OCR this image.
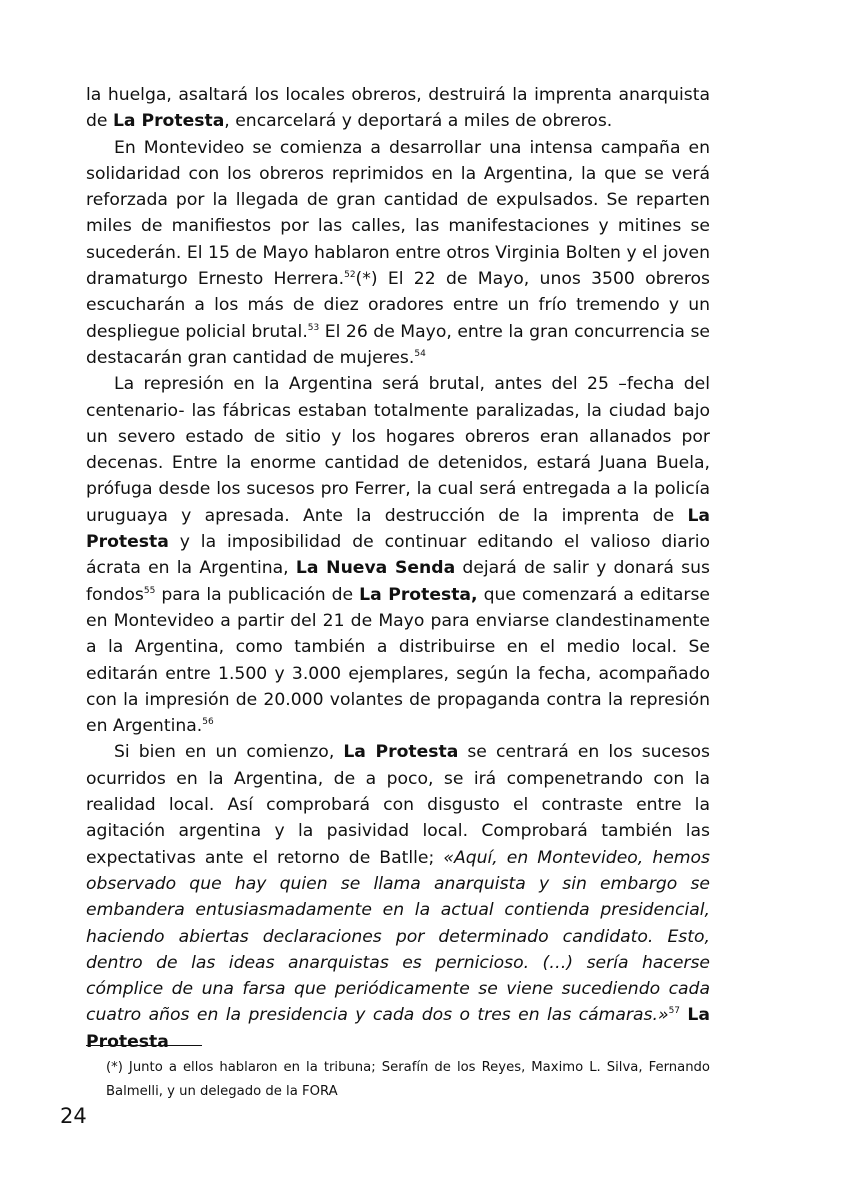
la huelga, asaltará los locales obreros, destruirá la imprenta anarquista de La Protesta, encarcelará y deportará a miles de obreros.

En Montevideo se comienza a desarrollar una intensa campaña en solidaridad con los obreros reprimidos en la Argentina, la que se verá reforzada por la llegada de gran cantidad de expulsados. Se reparten miles de manifiestos por las calles, las manifestaciones y mitines se sucederán. El 15 de Mayo hablaron entre otros Virginia Bolten y el joven dramaturgo Ernesto Herrera.$^{52}$(*) El 22 de Mayo, unos 3500 obreros escucharán a los más de diez oradores entre un frío tremendo y un despliegue policial brutal.$^{53}$ El 26 de Mayo, entre la gran concurrencia se destacarán gran cantidad de mujeres.$^{54}$

La represión en la Argentina será brutal, antes del 25 –fecha del centenario- las fábricas estaban totalmente paralizadas, la ciudad bajo un severo estado de sitio y los hogares obreros eran allanados por decenas. Entre la enorme cantidad de detenidos, estará Juana Buela, prófuga desde los sucesos pro Ferrer, la cual será entregada a la policía uruguaya y apresada. Ante la destrucción de la imprenta de La Protesta y la imposibilidad de continuar editando el valioso diario ácrata en la Argentina, La Nueva Senda dejará de salir y donará sus fondos$^{55}$ para la publicación de La Protesta, que comenzará a editarse en Montevideo a partir del 21 de Mayo para enviarse clandestinamente a la Argentina, como también a distribuirse en el medio local. Se editarán entre 1.500 y 3.000 ejemplares, según la fecha, acompañado con la impresión de 20.000 volantes de propaganda contra la represión en Argentina.$^{56}$

Si bien en un comienzo, La Protesta se centrará en los sucesos ocurridos en la Argentina, de a poco, se irá compenetrando con la realidad local. Así comprobará con disgusto el contraste entre la agitación argentina y la pasividad local. Comprobará también las expectativas ante el retorno de Batlle; «Aquí, en Montevideo, hemos observado que hay quien se llama anarquista y sin embargo se embandera entusiasmadamente en la actual contienda presidencial, haciendo abiertas declaraciones por determinado candidato. Esto, dentro de las ideas anarquistas es pernicioso. (…) sería hacerse cómplice de una farsa que periódicamente se viene sucediendo cada cuatro años en la presidencia y cada dos o tres en las cámaras.»$^{57}$ La Protesta

(*) Junto a ellos hablaron en la tribuna; Serafín de los Reyes, Maximo L. Silva, Fernando Balmelli, y un delegado de la FORA
24
